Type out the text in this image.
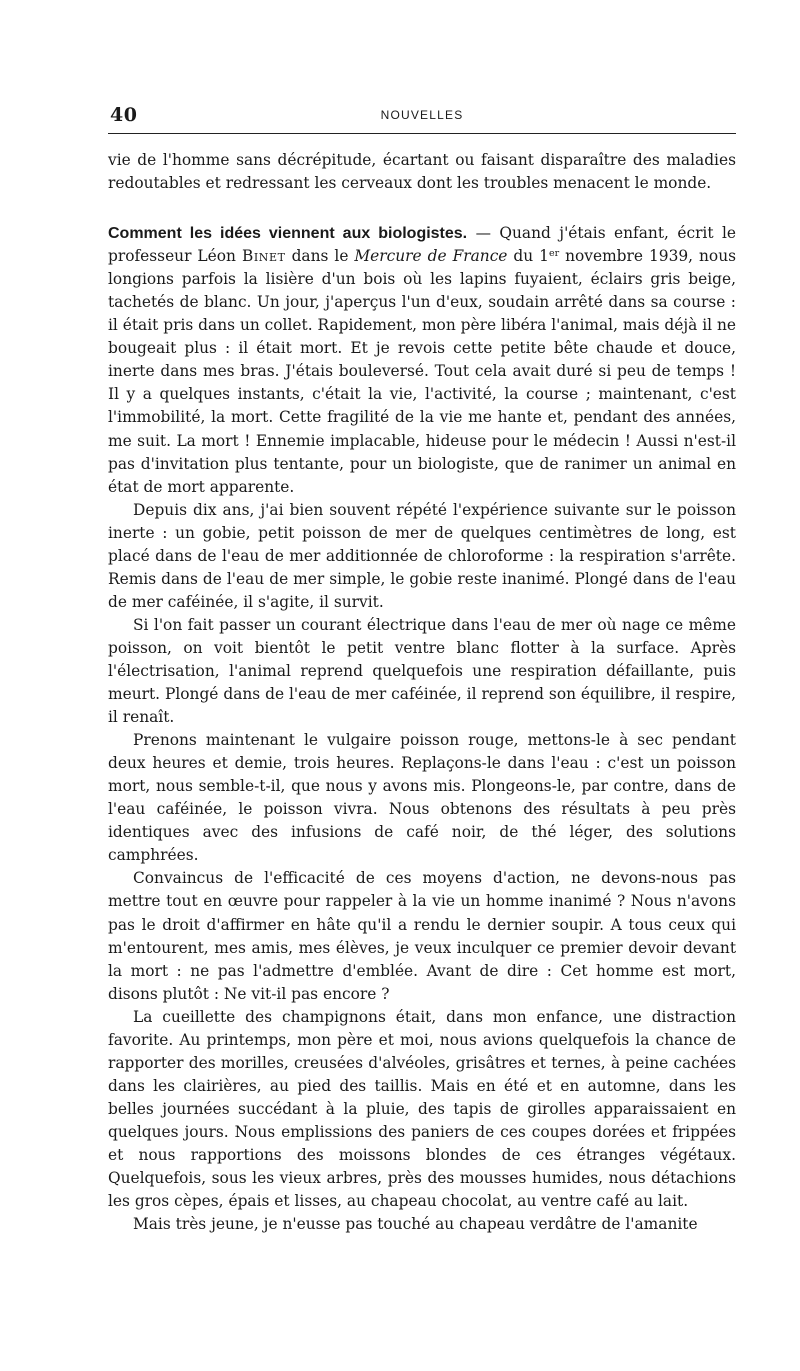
40	NOUVELLES

vie de l'homme sans décrépitude, écartant ou faisant disparaître des maladies redoutables et redressant les cerveaux dont les troubles menacent le monde.

Comment les idées viennent aux biologistes. — Quand j'étais enfant, écrit le professeur Léon Binet dans le Mercure de France du 1er novembre 1939, nous longions parfois la lisière d'un bois où les lapins fuyaient, éclairs gris beige, tachetés de blanc. Un jour, j'aperçus l'un d'eux, soudain arrêté dans sa course : il était pris dans un collet. Rapidement, mon père libéra l'animal, mais déjà il ne bougeait plus : il était mort. Et je revois cette petite bête chaude et douce, inerte dans mes bras. J'étais bouleversé. Tout cela avait duré si peu de temps ! Il y a quelques instants, c'était la vie, l'activité, la course ; maintenant, c'est l'immobilité, la mort. Cette fragilité de la vie me hante et, pendant des années, me suit. La mort ! Ennemie implacable, hideuse pour le médecin ! Aussi n'est-il pas d'invitation plus tentante, pour un biologiste, que de ranimer un animal en état de mort apparente.

Depuis dix ans, j'ai bien souvent répété l'expérience suivante sur le poisson inerte : un gobie, petit poisson de mer de quelques centimètres de long, est placé dans de l'eau de mer additionnée de chloroforme : la respiration s'arrête. Remis dans de l'eau de mer simple, le gobie reste inanimé. Plongé dans de l'eau de mer caféinée, il s'agite, il survit.

Si l'on fait passer un courant électrique dans l'eau de mer où nage ce même poisson, on voit bientôt le petit ventre blanc flotter à la surface. Après l'électrisation, l'animal reprend quelquefois une respiration défaillante, puis meurt. Plongé dans de l'eau de mer caféinée, il reprend son équilibre, il respire, il renaît.

Prenons maintenant le vulgaire poisson rouge, mettons-le à sec pendant deux heures et demie, trois heures. Replaçons-le dans l'eau : c'est un poisson mort, nous semble-t-il, que nous y avons mis. Plongeons-le, par contre, dans de l'eau caféinée, le poisson vivra. Nous obtenons des résultats à peu près identiques avec des infusions de café noir, de thé léger, des solutions camphrées.

Convaincus de l'efficacité de ces moyens d'action, ne devons-nous pas mettre tout en œuvre pour rappeler à la vie un homme inanimé ? Nous n'avons pas le droit d'affirmer en hâte qu'il a rendu le dernier soupir. A tous ceux qui m'entourent, mes amis, mes élèves, je veux inculquer ce premier devoir devant la mort : ne pas l'admettre d'emblée. Avant de dire : Cet homme est mort, disons plutôt : Ne vit-il pas encore ?

La cueillette des champignons était, dans mon enfance, une distraction favorite. Au printemps, mon père et moi, nous avions quelquefois la chance de rapporter des morilles, creusées d'alvéoles, grisâtres et ternes, à peine cachées dans les clairières, au pied des taillis. Mais en été et en automne, dans les belles journées succédant à la pluie, des tapis de girolles apparaissaient en quelques jours. Nous emplissions des paniers de ces coupes dorées et frippées et nous rapportions des moissons blondes de ces étranges végétaux. Quelquefois, sous les vieux arbres, près des mousses humides, nous détachions les gros cèpes, épais et lisses, au chapeau chocolat, au ventre café au lait.

Mais très jeune, je n'eusse pas touché au chapeau verdâtre de l'amanite
